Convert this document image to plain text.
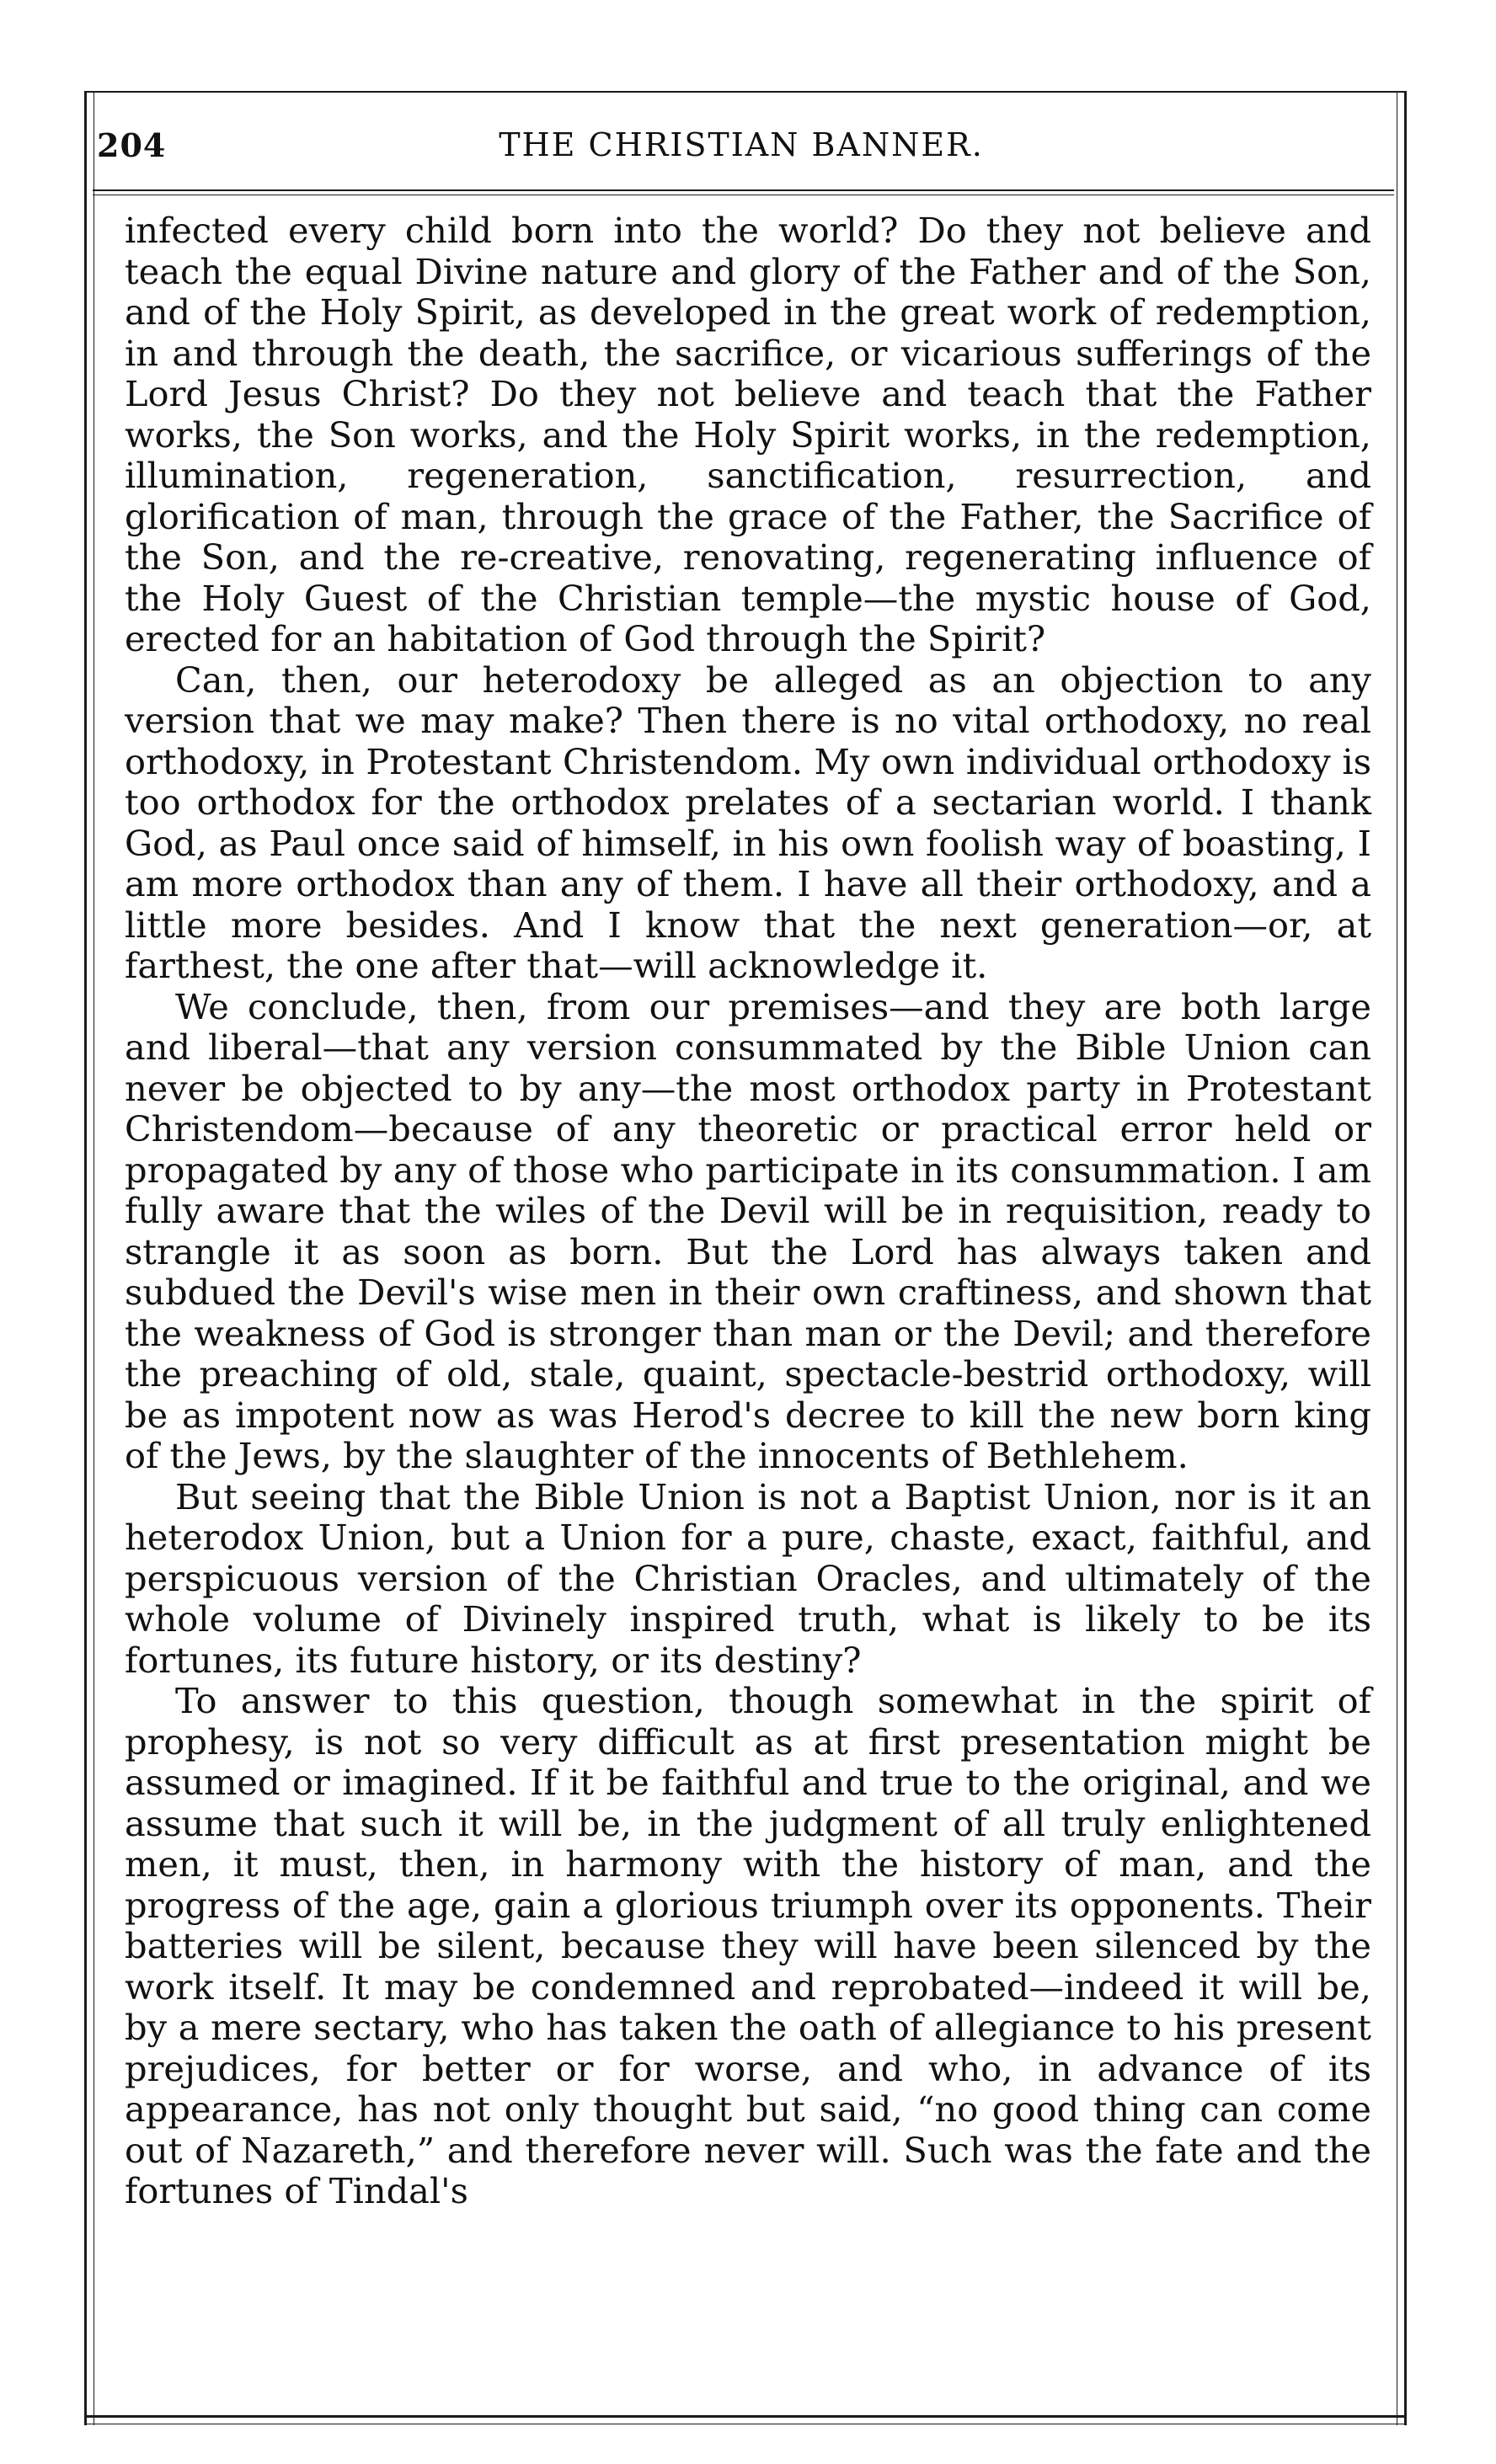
204	THE CHRISTIAN BANNER.

infected every child born into the world? Do they not believe and teach the equal Divine nature and glory of the Father and of the Son, and of the Holy Spirit, as developed in the great work of redemption, in and through the death, the sacrifice, or vicarious sufferings of the Lord Jesus Christ? Do they not believe and teach that the Father works, the Son works, and the Holy Spirit works, in the redemption, illumination, regeneration, sanctification, resurrection, and glorification of man, through the grace of the Father, the Sacrifice of the Son, and the re-creative, renovating, regenerating influence of the Holy Guest of the Christian temple—the mystic house of God, erected for an habitation of God through the Spirit?

Can, then, our heterodoxy be alleged as an objection to any version that we may make? Then there is no vital orthodoxy, no real orthodoxy, in Protestant Christendom. My own individual orthodoxy is too orthodox for the orthodox prelates of a sectarian world. I thank God, as Paul once said of himself, in his own foolish way of boasting, I am more orthodox than any of them. I have all their orthodoxy, and a little more besides. And I know that the next generation—or, at farthest, the one after that—will acknowledge it.

We conclude, then, from our premises—and they are both large and liberal—that any version consummated by the Bible Union can never be objected to by any—the most orthodox party in Protestant Christendom—because of any theoretic or practical error held or propagated by any of those who participate in its consummation. I am fully aware that the wiles of the Devil will be in requisition, ready to strangle it as soon as born. But the Lord has always taken and subdued the Devil's wise men in their own craftiness, and shown that the weakness of God is stronger than man or the Devil; and therefore the preaching of old, stale, quaint, spectacle-bestrid orthodoxy, will be as impotent now as was Herod's decree to kill the new born king of the Jews, by the slaughter of the innocents of Bethlehem.

But seeing that the Bible Union is not a Baptist Union, nor is it an heterodox Union, but a Union for a pure, chaste, exact, faithful, and perspicuous version of the Christian Oracles, and ultimately of the whole volume of Divinely inspired truth, what is likely to be its fortunes, its future history, or its destiny?

To answer to this question, though somewhat in the spirit of prophesy, is not so very difficult as at first presentation might be assumed or imagined. If it be faithful and true to the original, and we assume that such it will be, in the judgment of all truly enlightened men, it must, then, in harmony with the history of man, and the progress of the age, gain a glorious triumph over its opponents. Their batteries will be silent, because they will have been silenced by the work itself. It may be condemned and reprobated—indeed it will be, by a mere sectary, who has taken the oath of allegiance to his present prejudices, for better or for worse, and who, in advance of its appearance, has not only thought but said, “no good thing can come out of Nazareth,” and therefore never will. Such was the fate and the fortunes of Tindal's
